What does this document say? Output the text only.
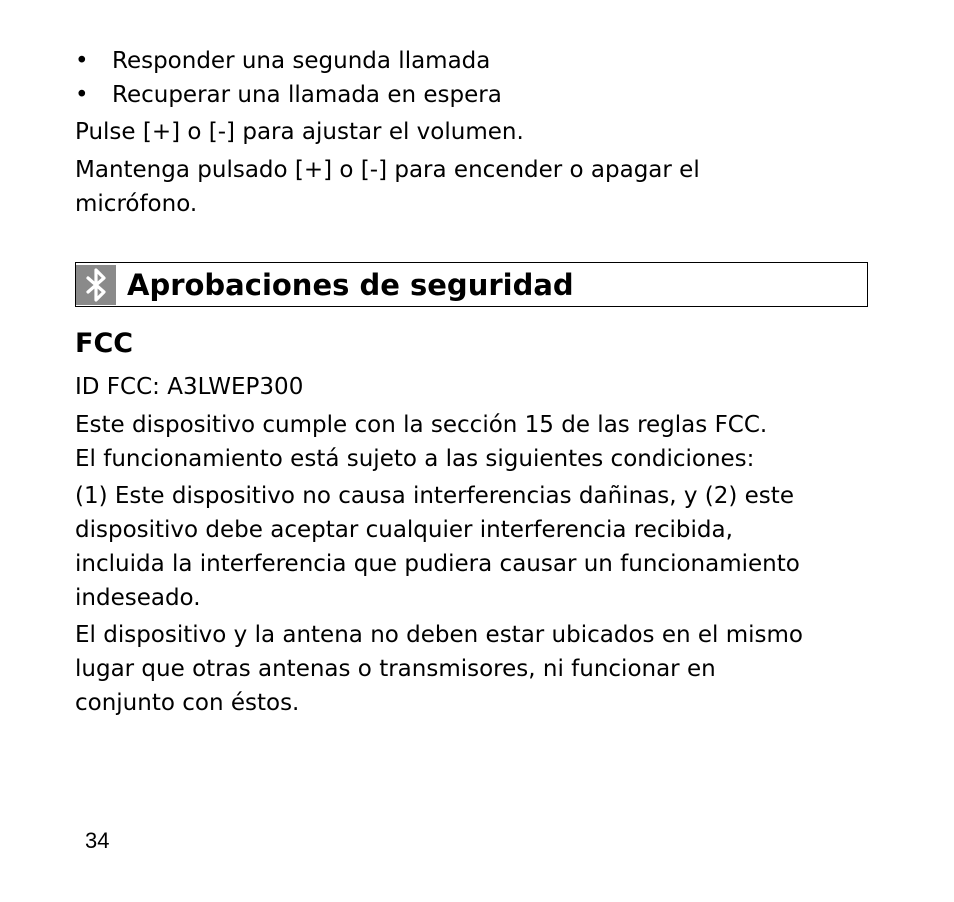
• Responder una segunda llamada
• Recuperar una llamada en espera
Pulse [+] o [-] para ajustar el volumen.
Mantenga pulsado [+] o [-] para encender o apagar el
micrófono.
Aprobaciones de seguridad
FCC
ID FCC: A3LWEP300
Este dispositivo cumple con la sección 15 de las reglas FCC.
El funcionamiento está sujeto a las siguientes condiciones:
(1) Este dispositivo no causa interferencias dañinas, y (2) este
dispositivo debe aceptar cualquier interferencia recibida,
incluida la interferencia que pudiera causar un funcionamiento
indeseado.
El dispositivo y la antena no deben estar ubicados en el mismo
lugar que otras antenas o transmisores, ni funcionar en
conjunto con éstos.
34
